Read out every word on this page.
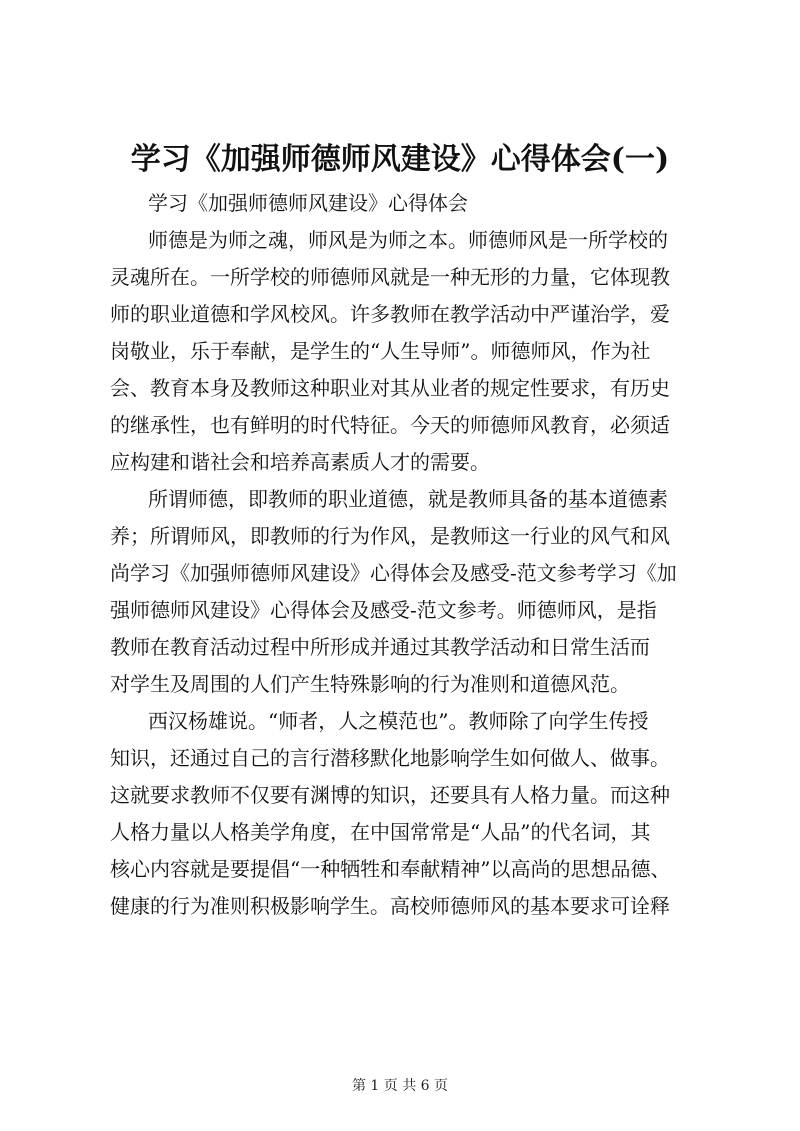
学习《加强师德师风建设》心得体会(一)
学习《加强师德师风建设》心得体会
师德是为师之魂，师风是为师之本。师德师风是一所学校的
灵魂所在。一所学校的师德师风就是一种无形的力量，它体现教
师的职业道德和学风校风。许多教师在教学活动中严谨治学，爱
岗敬业，乐于奉献，是学生的“人生导师”。师德师风，作为社
会、教育本身及教师这种职业对其从业者的规定性要求，有历史
的继承性，也有鲜明的时代特征。今天的师德师风教育，必须适
应构建和谐社会和培养高素质人才的需要。
所谓师德，即教师的职业道德，就是教师具备的基本道德素
养；所谓师风，即教师的行为作风，是教师这一行业的风气和风
尚学习《加强师德师风建设》心得体会及感受-范文参考学习《加
强师德师风建设》心得体会及感受-范文参考。师德师风，是指
教师在教育活动过程中所形成并通过其教学活动和日常生活而
对学生及周围的人们产生特殊影响的行为准则和道德风范。
西汉杨雄说。“师者，人之模范也”。教师除了向学生传授
知识，还通过自己的言行潜移默化地影响学生如何做人、做事。
这就要求教师不仅要有渊博的知识，还要具有人格力量。而这种
人格力量以人格美学角度，在中国常常是“人品”的代名词，其
核心内容就是要提倡“一种牺牲和奉献精神”以高尚的思想品德、
健康的行为准则积极影响学生。高校师德师风的基本要求可诠释
第 1 页 共 6 页
